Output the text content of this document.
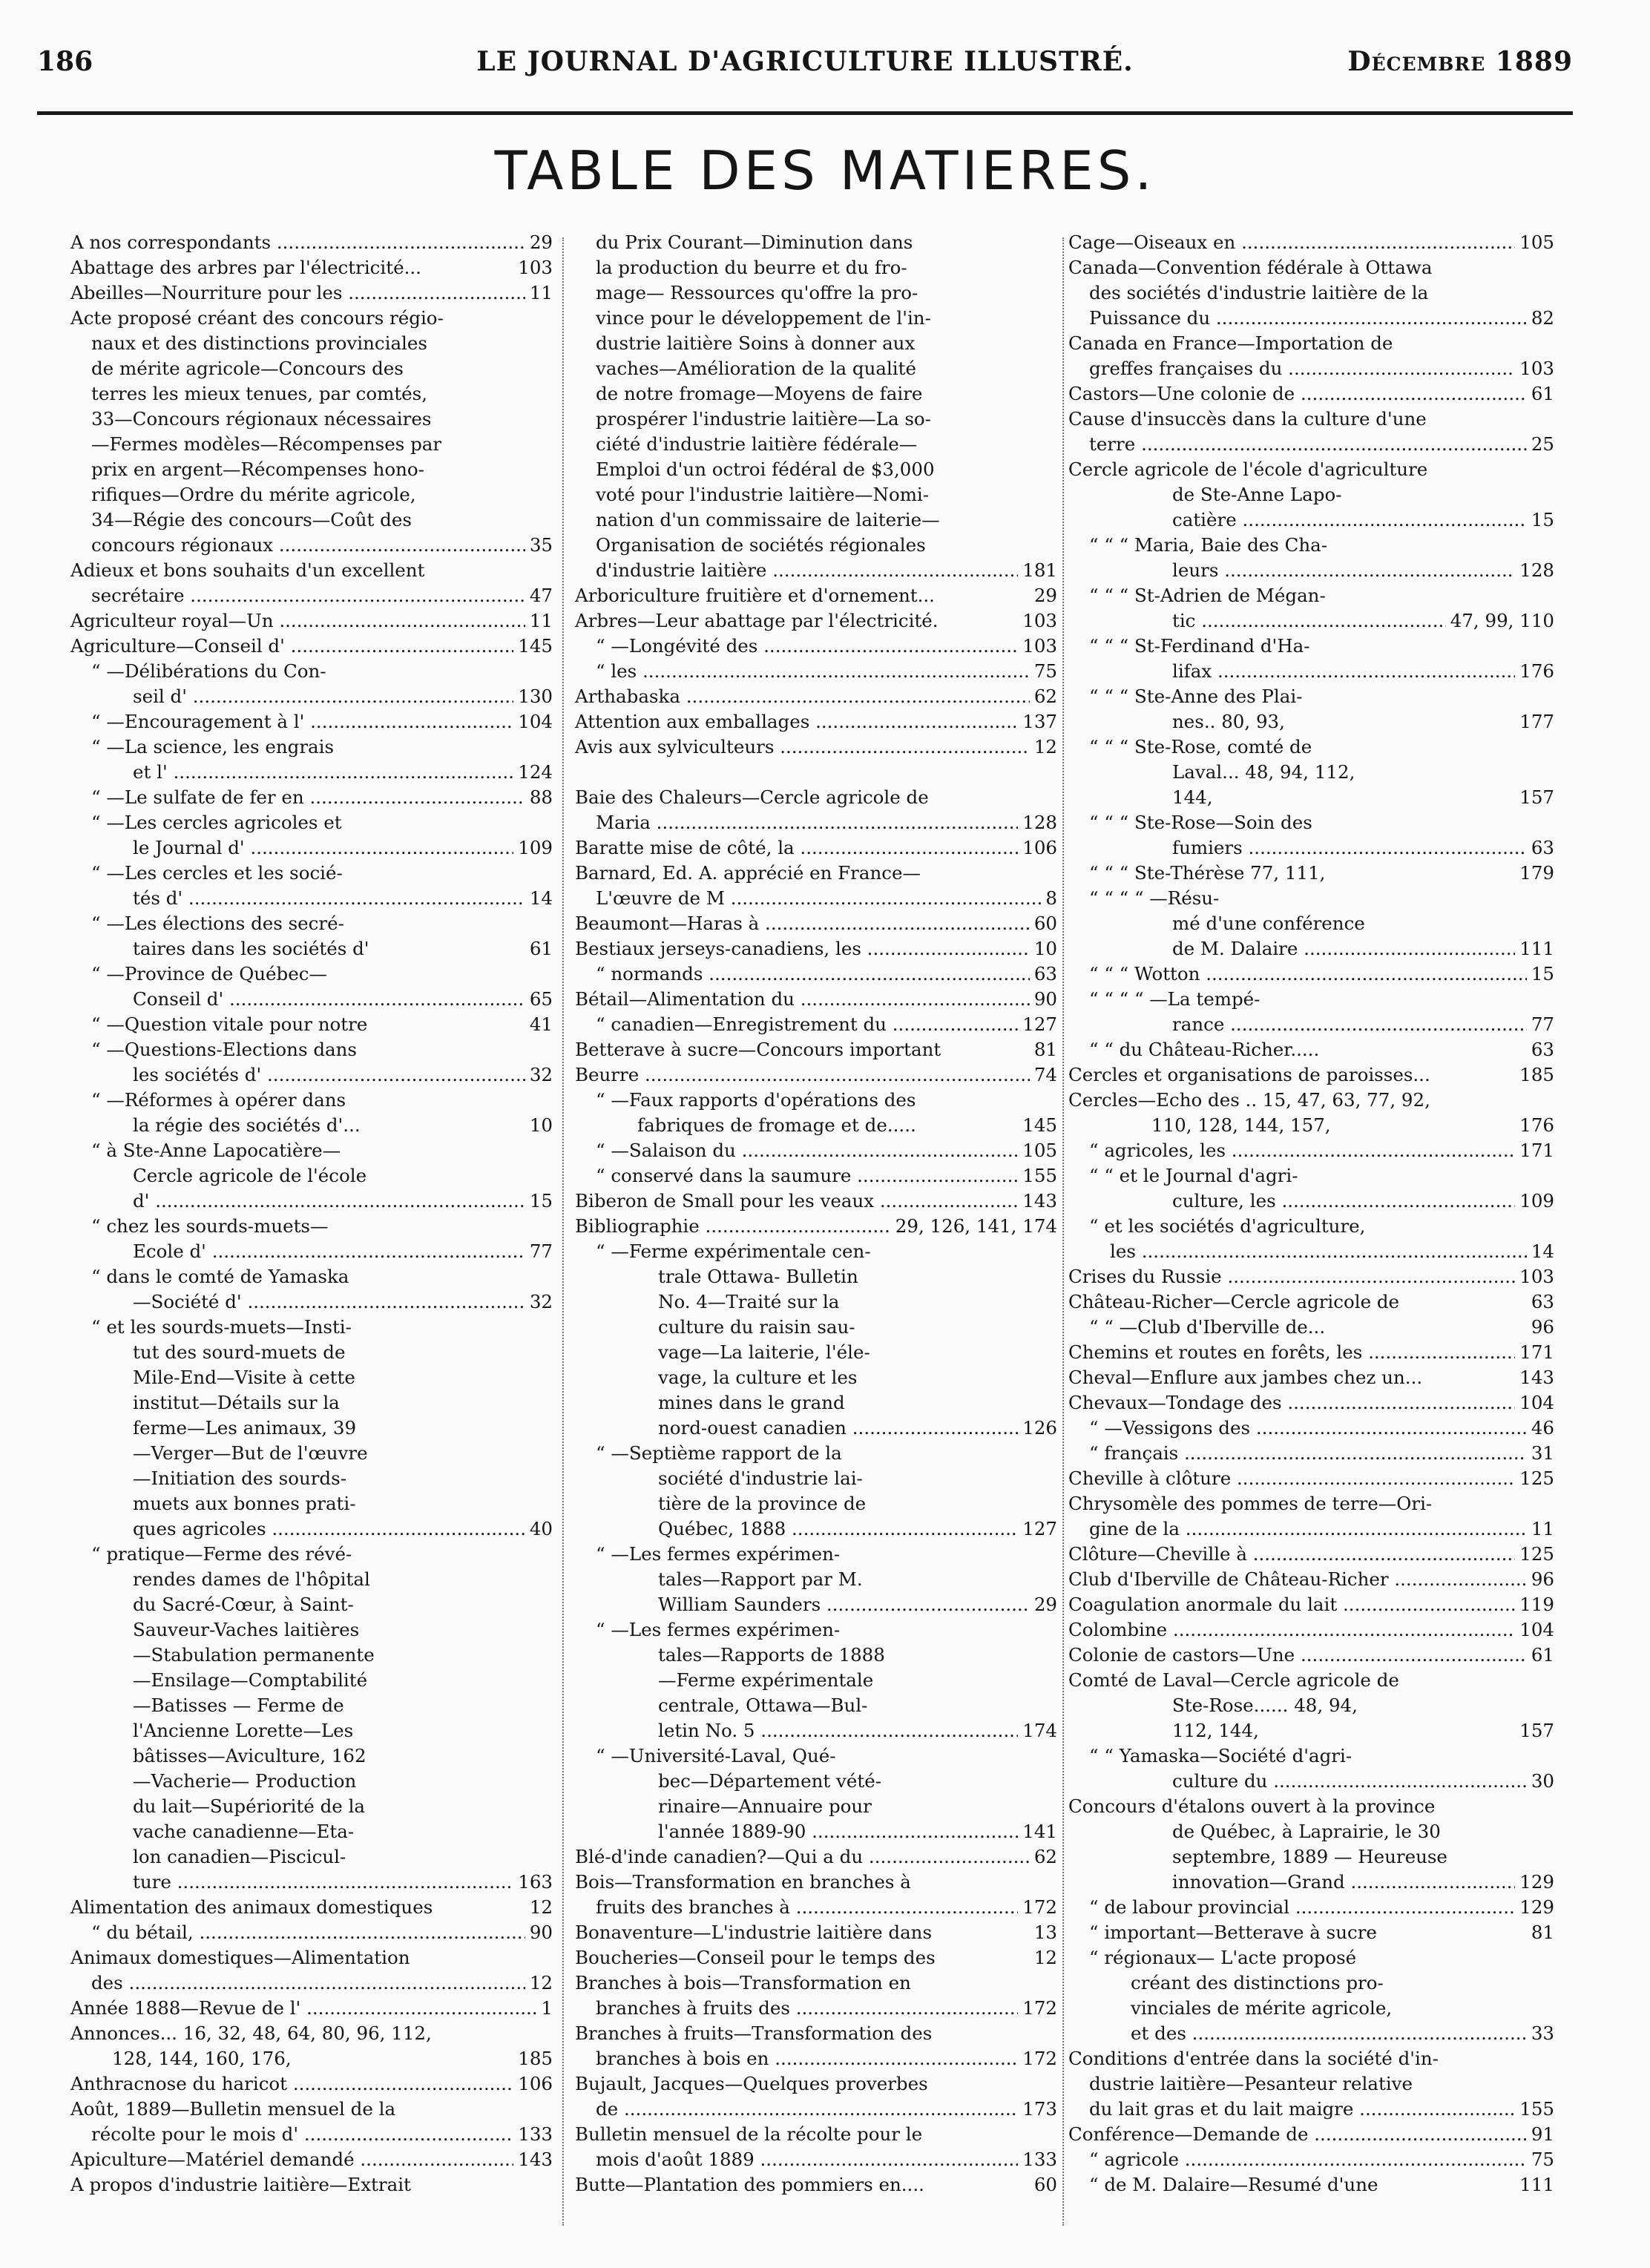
186	LE JOURNAL D'AGRICULTURE ILLUSTRÉ.	Décembre 1889
TABLE DES MATIERES.
A nos correspondants .....	29
Abattage des arbres par l'électricité...	103
Abeilles—Nourriture pour les .....	11
Acte proposé créant des concours régio-
naux et des distinctions provinciales
de mérite agricole—Concours des
terres les mieux tenues, par comtés,
33—Concours régionaux nécessaires
—Fermes modèles—Récompenses par
prix en argent—Récompenses hono-
rifiques—Ordre du mérite agricole,
34—Régie des concours—Coût des
concours régionaux .....	35
Adieux et bons souhaits d'un excellent
secrétaire .....	47
Agriculteur royal—Un .....	11
Agriculture—Conseil d' .....	145
“ —Délibérations du Con-
seil d' .....	130
“ —Encouragement à l' .....	104
“ —La science, les engrais
et l' .....	124
“ —Le sulfate de fer en .....	88
“ —Les cercles agricoles et
le Journal d' .....	109
“ —Les cercles et les socié-
tés d' .....	14
“ —Les élections des secré-
taires dans les sociétés d'	61
“ —Province de Québec—
Conseil d' .....	65
“ —Question vitale pour notre	41
“ —Questions-Elections dans
les sociétés d' .....	32
“ —Réformes à opérer dans
la régie des sociétés d'...	10
“ à Ste-Anne Lapocatière—
Cercle agricole de l'école
d' .....	15
“ chez les sourds-muets—
Ecole d' .....	77
“ dans le comté de Yamaska
—Société d' .....	32
“ et les sourds-muets—Insti-
tut des sourd-muets de
Mile-End—Visite à cette
institut—Détails sur la
ferme—Les animaux, 39
—Verger—But de l'œuvre
—Initiation des sourds-
muets aux bonnes prati-
ques agricoles .....	40
“ pratique—Ferme des révé-
rendes dames de l'hôpital
du Sacré-Cœur, à Saint-
Sauveur-Vaches laitières
—Stabulation permanente
—Ensilage—Comptabilité
—Batisses — Ferme de
l'Ancienne Lorette—Les
bâtisses—Aviculture, 162
—Vacherie— Production
du lait—Supériorité de la
vache canadienne—Eta-
lon canadien—Piscicul-
ture .....	163
Alimentation des animaux domestiques	12
“ du bétail, .....	90
Animaux domestiques—Alimentation
des .....	12
Année 1888—Revue de l' .....	1
Annonces... 16, 32, 48, 64, 80, 96, 112,
128, 144, 160, 176,	185
Anthracnose du haricot .....	106
Août, 1889—Bulletin mensuel de la
récolte pour le mois d' .....	133
Apiculture—Matériel demandé .....	143
A propos d'industrie laitière—Extrait
du Prix Courant—Diminution dans
la production du beurre et du fro-
mage— Ressources qu'offre la pro-
vince pour le développement de l'in-
dustrie laitière Soins à donner aux
vaches—Amélioration de la qualité
de notre fromage—Moyens de faire
prospérer l'industrie laitière—La so-
ciété d'industrie laitière fédérale—
Emploi d'un octroi fédéral de $3,000
voté pour l'industrie laitière—Nomi-
nation d'un commissaire de laiterie—
Organisation de sociétés régionales
d'industrie laitière .....	181
Arboriculture fruitière et d'ornement...	29
Arbres—Leur abattage par l'électricité.	103
“ —Longévité des .....	103
“ les .....	75
Arthabaska .....	62
Attention aux emballages .....	137
Avis aux sylviculteurs .....	12
Baie des Chaleurs—Cercle agricole de
Maria .....	128
Baratte mise de côté, la .....	106
Barnard, Ed. A. apprécié en France—
L'œuvre de M .....	8
Beaumont—Haras à .....	60
Bestiaux jerseys-canadiens, les .....	10
“ normands .....	63
Bétail—Alimentation du .....	90
“ canadien—Enregistrement du .....	127
Betterave à sucre—Concours important	81
Beurre .....	74
“ —Faux rapports d'opérations des
fabriques de fromage et de.....	145
“ —Salaison du .....	105
“ conservé dans la saumure .....	155
Biberon de Small pour les veaux .....	143
Bibliographie .....	29, 126, 141, 174
“ —Ferme expérimentale cen-
trale Ottawa- Bulletin
No. 4—Traité sur la
culture du raisin sau-
vage—La laiterie, l'éle-
vage, la culture et les
mines dans le grand
nord-ouest canadien .....	126
“ —Septième rapport de la
société d'industrie lai-
tière de la province de
Québec, 1888 .....	127
“ —Les fermes expérimen-
tales—Rapport par M.
William Saunders .....	29
“ —Les fermes expérimen-
tales—Rapports de 1888
—Ferme expérimentale
centrale, Ottawa—Bul-
letin No. 5 .....	174
“ —Université-Laval, Qué-
bec—Département vété-
rinaire—Annuaire pour
l'année 1889-90 .....	141
Blé-d'inde canadien?—Qui a du .....	62
Bois—Transformation en branches à
fruits des branches à .....	172
Bonaventure—L'industrie laitière dans	13
Boucheries—Conseil pour le temps des	12
Branches à bois—Transformation en
branches à fruits des .....	172
Branches à fruits—Transformation des
branches à bois en .....	172
Bujault, Jacques—Quelques proverbes
de .....	173
Bulletin mensuel de la récolte pour le
mois d'août 1889 .....	133
Butte—Plantation des pommiers en....	60
Cage—Oiseaux en .....	105
Canada—Convention fédérale à Ottawa
des sociétés d'industrie laitière de la
Puissance du .....	82
Canada en France—Importation de
greffes françaises du .....	103
Castors—Une colonie de .....	61
Cause d'insuccès dans la culture d'une
terre .....	25
Cercle agricole de l'école d'agriculture
de Ste-Anne Lapo-
catière .....	15
“ “ “ Maria, Baie des Cha-
leurs .....	128
“ “ “ St-Adrien de Mégan-
tic .....	47, 99, 110
“ “ “ St-Ferdinand d'Ha-
lifax .....	176
“ “ “ Ste-Anne des Plai-
nes.. 80, 93,	177
“ “ “ Ste-Rose, comté de
Laval... 48, 94, 112,
144,	157
“ “ “ Ste-Rose—Soin des
fumiers .....	63
“ “ “ Ste-Thérèse 77, 111,	179
“ “ “ “ —Résu-
mé d'une conférence
de M. Dalaire .....	111
“ “ “ Wotton .....	15
“ “ “ “ —La tempé-
rance .....	77
“ “ du Château-Richer.....	63
Cercles et organisations de paroisses...	185
Cercles—Echo des .. 15, 47, 63, 77, 92,
110, 128, 144, 157,	176
“ agricoles, les .....	171
“ “ et le Journal d'agri-
culture, les .....	109
“ et les sociétés d'agriculture,
les .....	14
Crises du Russie .....	103
Château-Richer—Cercle agricole de	63
“ “ —Club d'Iberville de...	96
Chemins et routes en forêts, les .....	171
Cheval—Enflure aux jambes chez un...	143
Chevaux—Tondage des .....	104
“ —Vessigons des .....	46
“ français .....	31
Cheville à clôture .....	125
Chrysomèle des pommes de terre—Ori-
gine de la .....	11
Clôture—Cheville à .....	125
Club d'Iberville de Château-Richer .....	96
Coagulation anormale du lait .....	119
Colombine .....	104
Colonie de castors—Une .....	61
Comté de Laval—Cercle agricole de
Ste-Rose...... 48, 94,
112, 144,	157
“ “ Yamaska—Société d'agri-
culture du .....	30
Concours d'étalons ouvert à la province
de Québec, à Laprairie, le 30
septembre, 1889 — Heureuse
innovation—Grand .....	129
“ de labour provincial .....	129
“ important—Betterave à sucre	81
“ régionaux— L'acte proposé
créant des distinctions pro-
vinciales de mérite agricole,
et des .....	33
Conditions d'entrée dans la société d'in-
dustrie laitière—Pesanteur relative
du lait gras et du lait maigre .....	155
Conférence—Demande de .....	91
“ agricole .....	75
“ de M. Dalaire—Resumé d'une	111
